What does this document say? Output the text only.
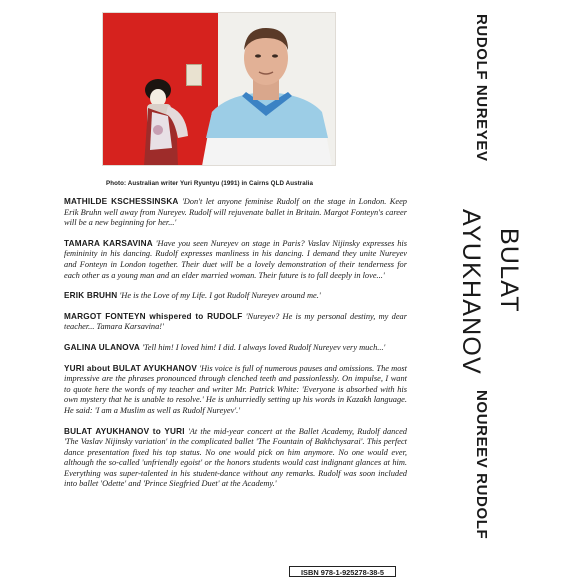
Photo: Australian writer Yuri Ryuntyu (1991) in Cairns QLD Australia

MATHILDE KSCHESSINSKA 'Don't let anyone feminise Rudolf on the stage in London. Keep Erik Bruhn well away from Nureyev. Rudolf will rejuvenate ballet in Britain. Margot Fonteyn's career will be a new beginning for her...'

TAMARA KARSAVINA 'Have you seen Nureyev on stage in Paris? Vaslav Nijinsky expresses his femininity in his dancing. Rudolf expresses manliness in his dancing. I demand they unite Nureyev and Fonteyn in London together. Their duet will be a lovely demonstration of their tenderness for each other as a young man and an elder married woman. Their future is to fall deeply in love...'

ERIK BRUHN 'He is the Love of my Life. I got Rudolf Nureyev around me.'

MARGOT FONTEYN whispered to RUDOLF 'Nureyev? He is my personal destiny, my dear teacher... Tamara Karsavina!'

GALINA ULANOVA 'Tell him! I loved him! I did. I always loved Rudolf Nureyev very much...'

YURI about BULAT AYUKHANOV 'His voice is full of numerous pauses and omissions. The most impressive are the phrases pronounced through clenched teeth and passionlessly. On impulse, I want to quote here the words of my teacher and writer Mr. Patrick White: 'Everyone is absorbed with his own mystery that he is unable to resolve.' He is unhurriedly setting up his words in Kazakh language. He said: 'I am a Muslim as well as Rudolf Nureyev'.'

BULAT AYUKHANOV to YURI 'At the mid-year concert at the Ballet Academy, Rudolf danced 'The Vaslav Nijinsky variation' in the complicated ballet 'The Fountain of Bakhchysarai'. This perfect dance presentation fixed his top status. No one would pick on him anymore. No one would ever, although the so-called 'unfriendly egoist' or the honors students would cast indignant glances at him. Everything was super-talented in his student-dance without any remarks. Rudolf was soon included into ballet 'Odette' and 'Prince Siegfried Duet' at the Academy.'

RUDOLF NUREYEV
BULAT
AYUKHANOV
NOUREEV RUDOLF
ISBN 978-1-925278-38-5
